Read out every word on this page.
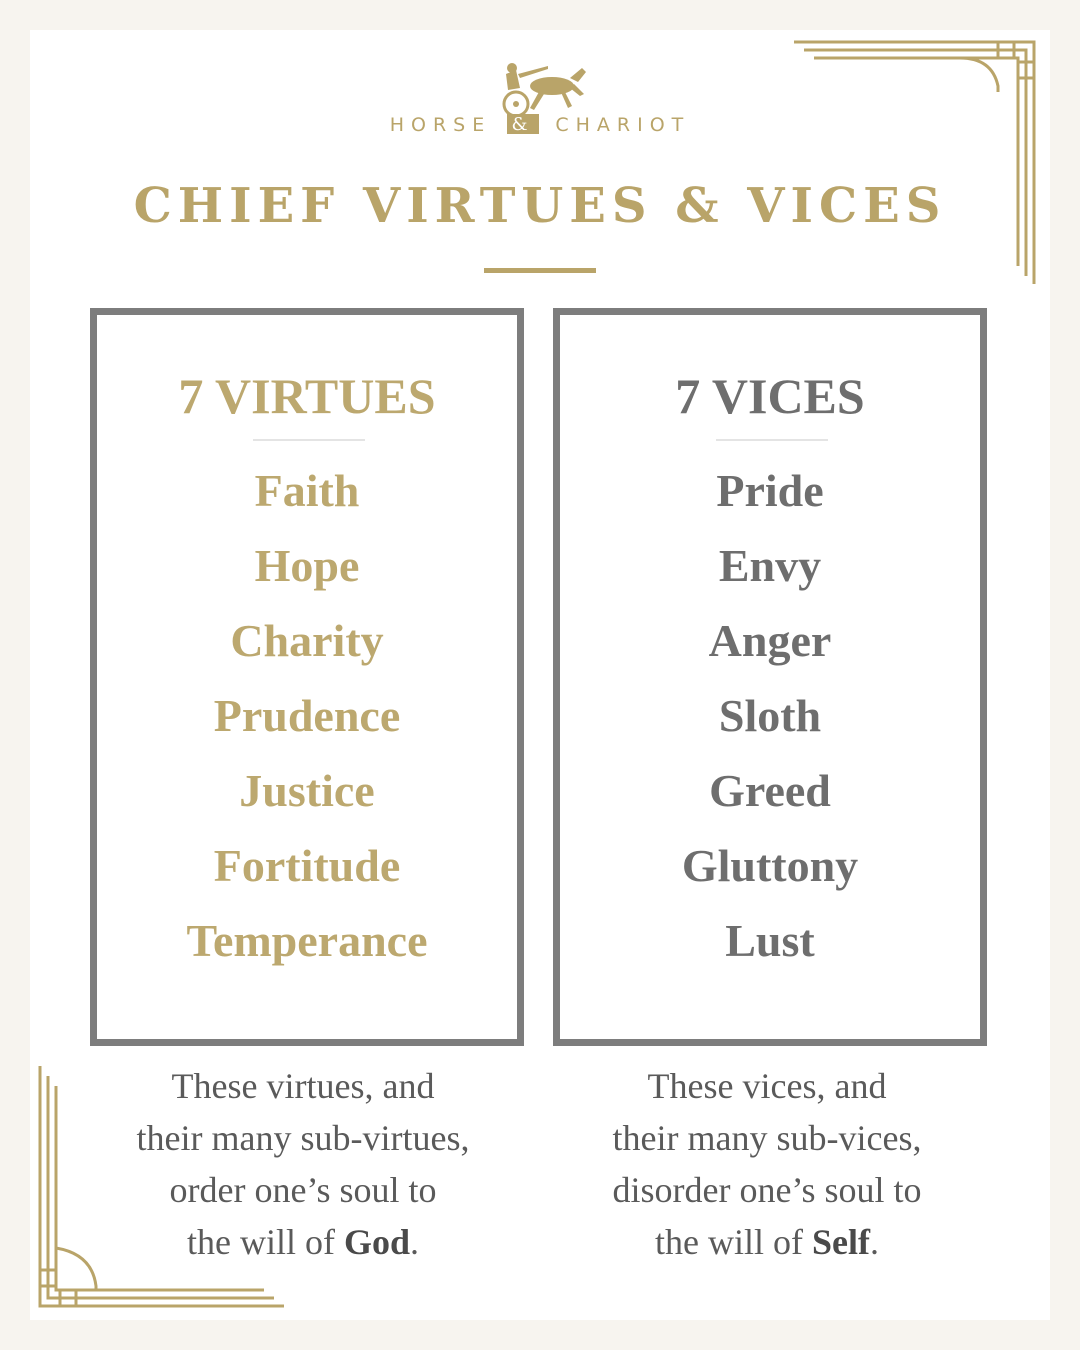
HORSE & CHARIOT
CHIEF VIRTUES & VICES
7 VIRTUES
Faith
Hope
Charity
Prudence
Justice
Fortitude
Temperance
7 VICES
Pride
Envy
Anger
Sloth
Greed
Gluttony
Lust
These virtues, and
their many sub-virtues,
order one’s soul to
the will of God.
These vices, and
their many sub-vices,
disorder one’s soul to
the will of Self.
